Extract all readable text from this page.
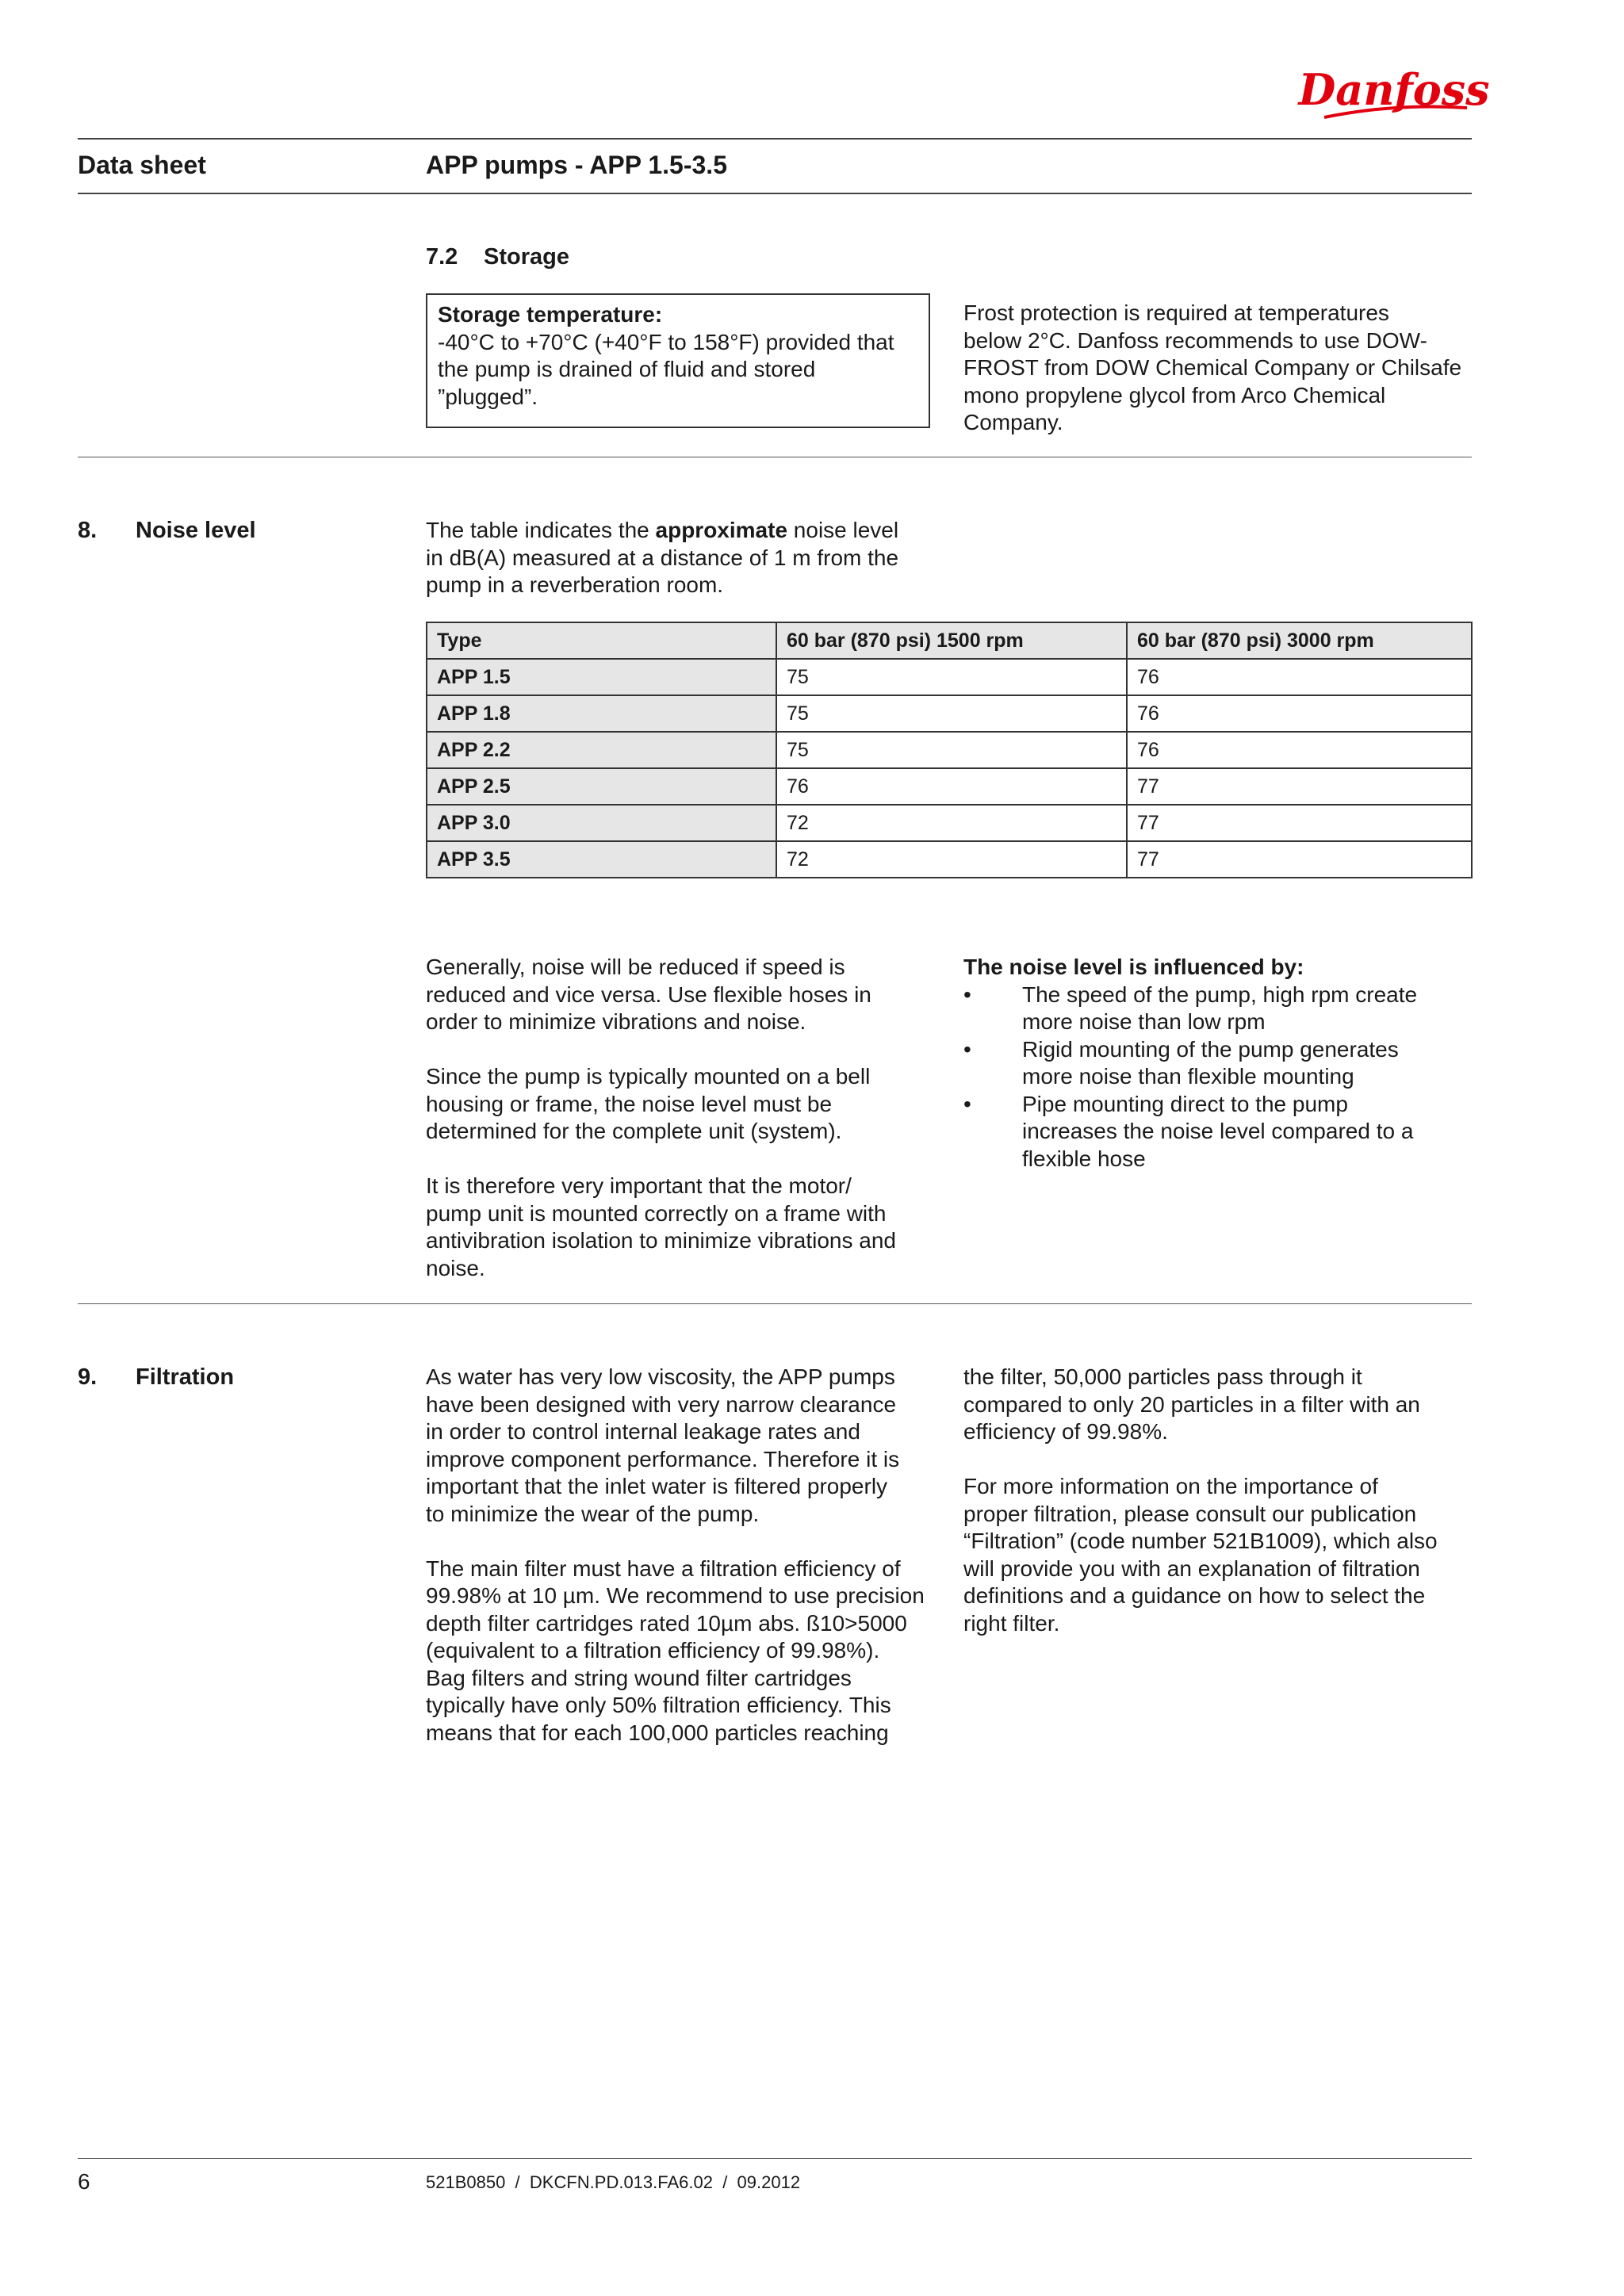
Danfoss
Data sheet	APP pumps - APP 1.5-3.5
7.2 Storage
Storage temperature:
-40°C to +70°C (+40°F to 158°F) provided that
the pump is drained of fluid and stored
”plugged”.
Frost protection is required at temperatures
below 2°C. Danfoss recommends to use DOW-
FROST from DOW Chemical Company or Chilsafe
mono propylene glycol from Arco Chemical
Company.
8. Noise level	The table indicates the approximate noise level
in dB(A) measured at a distance of 1 m from the
pump in a reverberation room.
Type	60 bar (870 psi) 1500 rpm	60 bar (870 psi) 3000 rpm
APP 1.5	75	76
APP 1.8	75	76
APP 2.2	75	76
APP 2.5	76	77
APP 3.0	72	77
APP 3.5	72	77
Generally, noise will be reduced if speed is
reduced and vice versa. Use flexible hoses in
order to minimize vibrations and noise.
Since the pump is typically mounted on a bell
housing or frame, the noise level must be
determined for the complete unit (system).
It is therefore very important that the motor/
pump unit is mounted correctly on a frame with
antivibration isolation to minimize vibrations and
noise.
The noise level is influenced by:
• The speed of the pump, high rpm create
more noise than low rpm
• Rigid mounting of the pump generates
more noise than flexible mounting
• Pipe mounting direct to the pump
increases the noise level compared to a
flexible hose
9. Filtration	As water has very low viscosity, the APP pumps
have been designed with very narrow clearance
in order to control internal leakage rates and
improve component performance. Therefore it is
important that the inlet water is filtered properly
to minimize the wear of the pump.
The main filter must have a filtration efficiency of
99.98% at 10 µm. We recommend to use precision
depth filter cartridges rated 10µm abs. ß10>5000
(equivalent to a filtration efficiency of 99.98%).
Bag filters and string wound filter cartridges
typically have only 50% filtration efficiency. This
means that for each 100,000 particles reaching
the filter, 50,000 particles pass through it
compared to only 20 particles in a filter with an
efficiency of 99.98%.
For more information on the importance of
proper filtration, please consult our publication
“Filtration” (code number 521B1009), which also
will provide you with an explanation of filtration
definitions and a guidance on how to select the
right filter.
6	521B0850  /  DKCFN.PD.013.FA6.02  /  09.2012
